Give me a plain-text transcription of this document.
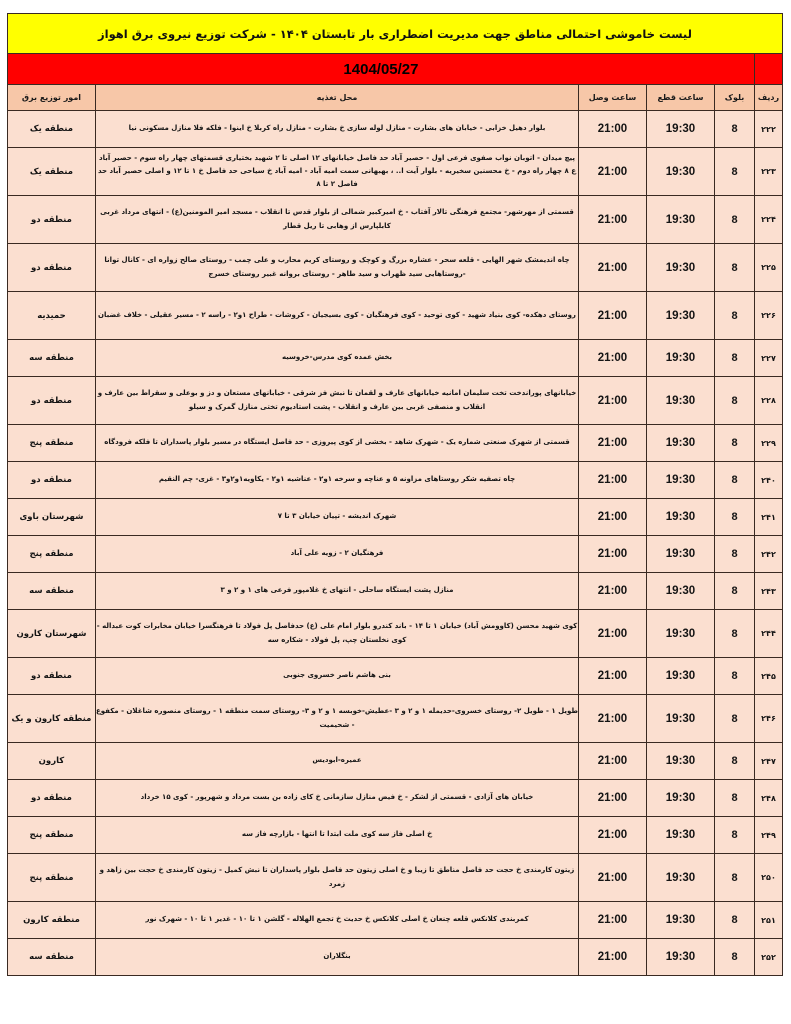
لیست خاموشی احتمالی مناطق جهت مدیریت اضطراری بار تابستان ۱۴۰۴ - شرکت توزیع نیروی برق اهواز					
	1404/05/27				
ردیف	بلوک	ساعت قطع	ساعت وصل	محل تغذیه	امور توزیع برق
۲۲۲	8	19:30	21:00	بلوار دهیل خزابی - خیابان های بشارت - منازل لوله سازی خ بشارت - منازل راه کربلا خ اینوا - فلکه فلا منازل مسکونی نیا	منطقه یک
۲۲۳	8	19:30	21:00	پیچ میدان - اتوبان نواب صفوی فرعی اول - حصیر آباد حد فاصل خیابانهای ۱۲ اصلی تا ۲ شهید بختیاری قسمتهای چهار راه سوم - حصیر آباد ع ۸ چهار راه دوم - خ محسنین سخیریه - بلوار آیت ا.. ، بهبهانی سمت امیه آباد - امیه آباد خ سیاحی حد فاصل خ ۱ تا ۱۲ و اصلی حصیر آباد حد فاصل ۲ تا ۸	منطقه یک
۲۲۴	8	19:30	21:00	قسمتی از مهرشهر- مجتمع فرهنگی تالار آفتاب - خ امیرکبیر شمالی از بلوار قدس تا انقلاب - مسجد امیر المومنین(ع) - انتهای مرداد غربی کابلپارس از وهابی تا ریل قطار	منطقه دو
۲۲۵	8	19:30	21:00	چاه اندیمشک شهر الهایی - قلعه سحر - عشاره بزرگ و کوچک و روستای کریم محارب و علی چمب - روستای صالح زواره ای - کانال توانا -روستاهایی سید ظهراب و سید طاهر - روستای بروانه غبیر روستای خسرج	منطقه دو
۲۲۶	8	19:30	21:00	روستای دهکده- کوی بنیاد شهید - کوی توحید - کوی فرهنگیان - کوی بسیجیان - کروشات - طراح ۱و۲ - راسه ۲ - مسیر عقیلی - خلاف غضبان	حمیدیه
۲۲۷	8	19:30	21:00	بخش عمده کوی مدرس-خروسیه	منطقه سه
۲۲۸	8	19:30	21:00	خیابانهای پوراندخت تخت سلیمان امانیه خیابانهای عارف و لقمان تا نبش فز شرقی - خیابانهای مستعان و دز و بوعلی و سقراط بین عارف و انقلاب و منصفی غربی بین عارف و انقلاب - پشت استادیوم تختی منازل گمرک و سیلو	منطقه دو
۲۲۹	8	19:30	21:00	قسمتی از شهرک صنعتی شماره یک - شهرک شاهد - بخشی از کوی پیروزی - حد فاصل ایستگاه در مسیر بلوار پاسداران تا فلکه فرودگاه	منطقه پنج
۲۴۰	8	19:30	21:00	چاه تصفیه شکر روستاهای مزاونه ۵ و عناچه و سرخه ۱و۲ - عناشیه ۱و۲ - یکاویه۱و۲و۳ - غزی- چم النقیم	منطقه دو
۲۴۱	8	19:30	21:00	شهرک اندیشه - تپیان خیابان ۳ تا ۷	شهرستان باوی
۲۴۲	8	19:30	21:00	فرهنگیان ۲ - زویه علی آباد	منطقه پنج
۲۴۳	8	19:30	21:00	منازل پشت ایستگاه ساحلی - انتهای خ غلامپور فرعی های ۱ و ۲ و ۳	منطقه سه
۲۴۴	8	19:30	21:00	کوی شهید محسن (کاوومش آباد) خیابان ۱ تا ۱۴ - باند کندرو بلوار امام علی (ع) حدفاصل پل فولاد تا فرهنگسرا خیابان مخابرات کوت عبداله - کوی نخلستان چپ، پل فولاد - شکاره سه	شهرستان کارون
۲۴۵	8	19:30	21:00	بنی هاشم ناصر خسروی جنوبی	منطقه دو
۲۴۶	8	19:30	21:00	طویل ۱ - طویل ۲- روستای خسروی-حدیمله ۱ و ۲ و ۳ -عطیش-خوبسه ۱ و ۲ و ۳- روستای سمت منطقه ۱ - روستای منصوره شاغلان - مکفوع - شحیمیت	منطقه کارون و یک
۲۴۷	8	19:30	21:00	عمیره-ابودیس	کارون
۲۴۸	8	19:30	21:00	خیابان های آزادی - قسمتی از لشکر - خ فیض منازل سازمانی خ کای زاده بن بست مرداد و شهرپور - کوی ۱۵ خرداد	منطقه دو
۲۴۹	8	19:30	21:00	خ اصلی فاز سه کوی ملت ابتدا تا انتها - بازارچه فاز سه	منطقه پنج
۲۵۰	8	19:30	21:00	زیتون کارمندی خ حجت حد فاصل مناطق تا زیبا و خ اصلی زیتون حد فاصل بلوار پاسداران تا نبش کمیل - زیتون کارمندی خ حجت بین زاهد و زمرد	منطقه پنج
۲۵۱	8	19:30	21:00	کمربندی کلانکس قلعه چنعان خ اصلی کلانکس خ حدیث خ تجمع الهلاله - گلشن ۱ تا ۱۰ - غدیر ۱ تا ۱۰ - شهرک نور	منطقه کارون
۲۵۲	8	19:30	21:00	بنگلاران	منطقه سه
